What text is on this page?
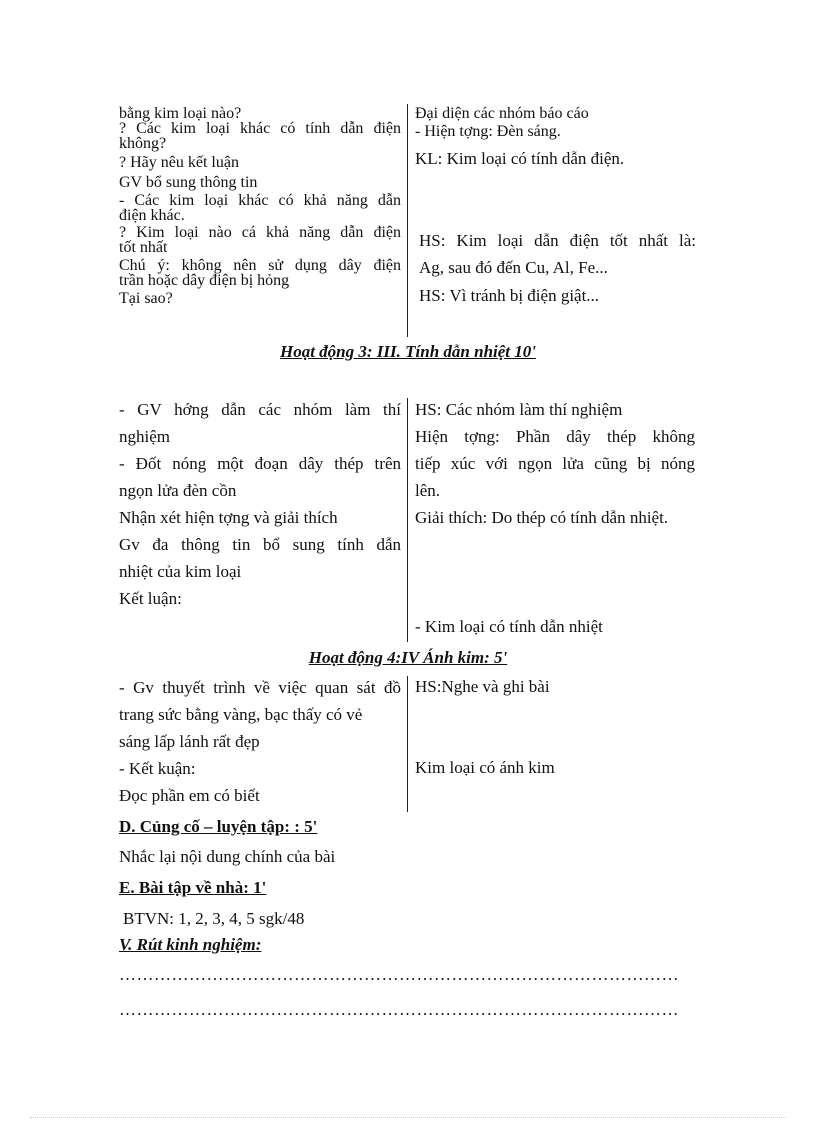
bằng kim loại nào?
? Các kim loại khác có tính dẫn điện
không?
? Hãy nêu kết luận
GV bổ sung thông tin
- Các kim loại khác có khả năng dẫn
điện khác.
? Kim loại nào cá khả năng dẫn điện
tốt nhất
Chú ý: không nên sử dụng dây điện
trần hoặc dây điện bị hỏng
Tại sao?
Đại diện các nhóm báo cáo
- Hiện tợng: Đèn sáng.
KL: Kim loại có tính dẫn điện.
HS: Kim loại dẫn điện tốt nhất là:
Ag, sau đó đến Cu, Al, Fe...
HS: Vì tránh bị điện giật...
Hoạt động 3: III. Tính dẫn nhiệt 10'
- GV hớng dẫn các nhóm làm thí
nghiệm
- Đốt nóng một đoạn dây thép trên
ngọn lửa đèn cồn
Nhận xét hiện tợng và giải thích
Gv đa thông tin bổ sung tính dẫn
nhiệt của kim loại
Kết luận:
HS: Các nhóm làm thí nghiệm
Hiện tợng: Phần dây thép không
tiếp xúc với ngọn lửa cũng bị nóng
lên.
Giải thích: Do thép có tính dẫn nhiệt.
- Kim loại có tính dẫn nhiệt
Hoạt động 4:IV Ánh kim: 5'
- Gv thuyết trình về việc quan sát đồ
trang sức bằng vàng, bạc thấy có vẻ
sáng lấp lánh rất đẹp
- Kết kuận:
Đọc phần em có biết
HS:Nghe và ghi bài
Kim loại có ánh kim
D. Củng cố – luyện tập: : 5'
Nhắc lại nội dung chính của bài
E. Bài tập về nhà: 1'
BTVN: 1, 2, 3, 4, 5 sgk/48
V. Rút kinh nghiệm:
……………………………………………………………………………………
……………………………………………………………………………………
